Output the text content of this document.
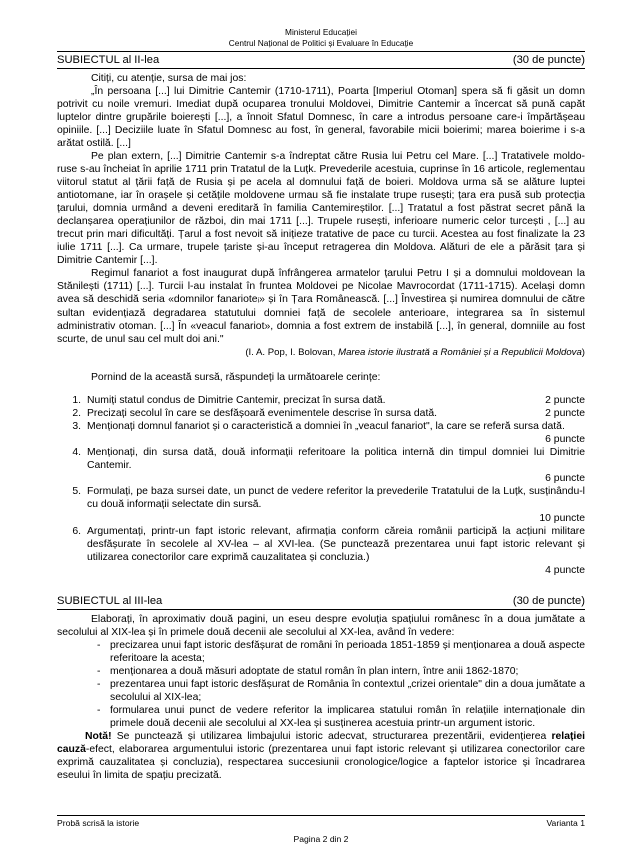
Ministerul Educației
Centrul Național de Politici și Evaluare în Educație
SUBIECTUL al II-lea	(30 de puncte)

Citiți, cu atenție, sursa de mai jos:

„În persoana [...] lui Dimitrie Cantemir (1710-1711), Poarta [Imperiul Otoman] spera să fi găsit un domn potrivit cu noile vremuri. Imediat după ocuparea tronului Moldovei, Dimitrie Cantemir a încercat să pună capăt luptelor dintre grupările boierești [...], a înnoit Sfatul Domnesc, în care a introdus persoane care-i împărtășeau opiniile. [...] Deciziile luate în Sfatul Domnesc au fost, în general, favorabile micii boierimi; marea boierime i s-a arătat ostilă. [...]

Pe plan extern, [...] Dimitrie Cantemir s-a îndreptat către Rusia lui Petru cel Mare. [...] Tratativele moldo-ruse s-au încheiat în aprilie 1711 prin Tratatul de la Luțk. Prevederile acestuia, cuprinse în 16 articole, reglementau viitorul statut al țării față de Rusia și pe acela al domnului față de boieri. Moldova urma să se alăture luptei antiotomane, iar în orașele și cetățile moldovene urmau să fie instalate trupe rusești; țara era pusă sub protecția țarului, domnia urmând a deveni ereditară în familia Cantemireștilor. [...] Tratatul a fost păstrat secret până la declanșarea operațiunilor de război, din mai 1711 [...]. Trupele rusești, inferioare numeric celor turcești , [...] au trecut prin mari dificultăți. Țarul a fost nevoit să inițieze tratative de pace cu turcii. Acestea au fost finalizate la 23 iulie 1711 [...]. Ca urmare, trupele țariste și-au început retragerea din Moldova. Alături de ele a părăsit țara și Dimitrie Cantemir [...].

Regimul fanariot a fost inaugurat după înfrângerea armatelor țarului Petru I și a domnului moldovean la Stănilești (1711) [...]. Turcii l-au instalat în fruntea Moldovei pe Nicolae Mavrocordat (1711-1715). Același domn avea să deschidă seria «domnilor fanarioteᵢ» și în Țara Românească. [...] Învestirea și numirea domnului de către sultan evidențiază degradarea statutului domniei față de secolele anterioare, integrarea sa în sistemul administrativ otoman. [...] În «veacul fanariot», domnia a fost extrem de instabilă [...], în general, domniile au fost scurte, de unul sau cel mult doi ani."

(I. A. Pop, I. Bolovan, Marea istorie ilustrată a României și a Republicii Moldova)

Pornind de la această sursă, răspundeți la următoarele cerințe:

1.	2 puncte
Numiți statul condus de Dimitrie Cantemir, precizat în sursa dată.
2.	2 puncte
Precizați secolul în care se desfășoară evenimentele descrise în sursa dată.
3. Menționați domnul fanariot și o caracteristică a domniei în „veacul fanariot", la care se referă sursa dată.
6 puncte
4. Menționați, din sursa dată, două informații referitoare la politica internă din timpul domniei lui Dimitrie Cantemir.
6 puncte
5. Formulați, pe baza sursei date, un punct de vedere referitor la prevederile Tratatului de la Luțk, susținându-l cu două informații selectate din sursă.
10 puncte
6. Argumentați, printr-un fapt istoric relevant, afirmația conform căreia românii participă la acțiuni militare desfășurate în secolele al XV-lea – al XVI-lea. (Se punctează prezentarea unui fapt istoric relevant și utilizarea conectorilor care exprimă cauzalitatea și concluzia.)
4 puncte
SUBIECTUL al III-lea	(30 de puncte)

Elaborați, în aproximativ două pagini, un eseu despre evoluția spațiului românesc în a doua jumătate a secolului al XIX-lea și în primele două decenii ale secolului al XX-lea, având în vedere:

- precizarea unui fapt istoric desfășurat de români în perioada 1851-1859 și menționarea a două aspecte referitoare la acesta;
- menționarea a două măsuri adoptate de statul român în plan intern, între anii 1862-1870;
- prezentarea unui fapt istoric desfășurat de România în contextul „crizei orientale" din a doua jumătate a secolului al XIX-lea;
- formularea unui punct de vedere referitor la implicarea statului român în relațiile internaționale din primele două decenii ale secolului al XX-lea și susținerea acestuia printr-un argument istoric.

Notă! Se punctează și utilizarea limbajului istoric adecvat, structurarea prezentării, evidențierea relației cauză-efect, elaborarea argumentului istoric (prezentarea unui fapt istoric relevant și utilizarea conectorilor care exprimă cauzalitatea și concluzia), respectarea succesiunii cronologice/logice a faptelor istorice și încadrarea eseului în limita de spațiu precizată.

Probă scrisă la istorie	Varianta 1
Pagina 2 din 2
